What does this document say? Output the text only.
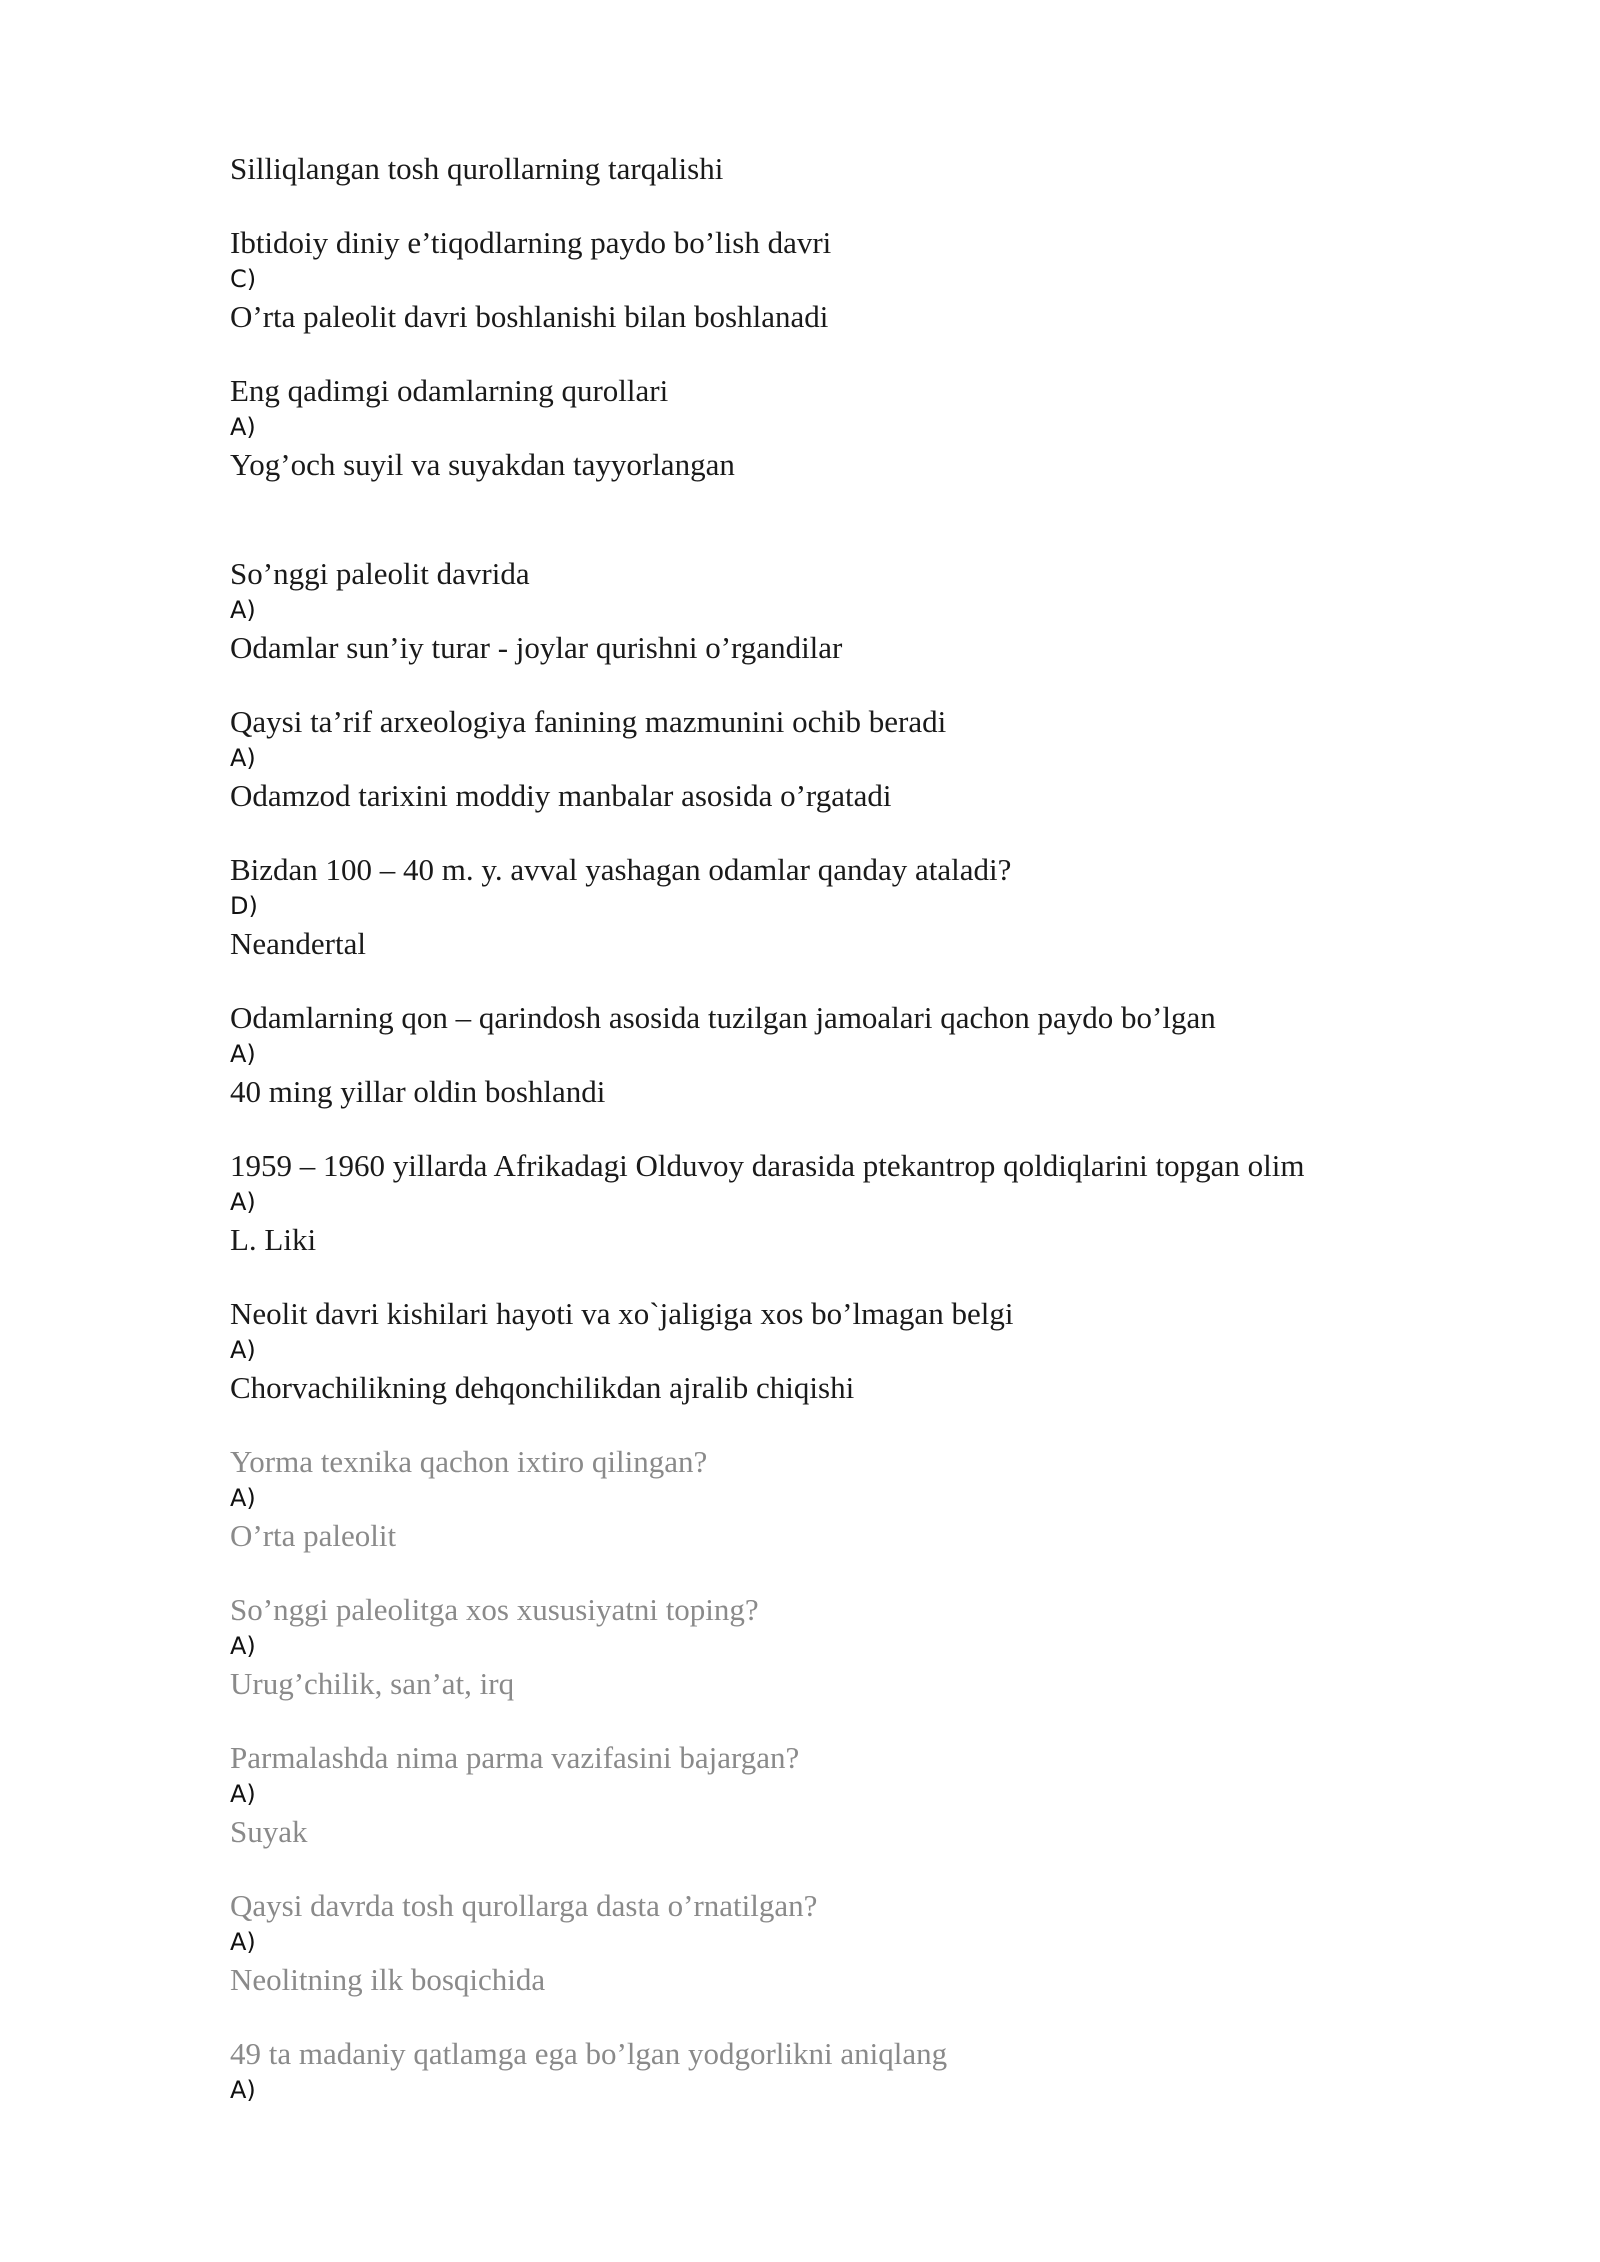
Silliqlangan tosh qurollarning tarqalishi
Ibtidoiy diniy e’tiqodlarning paydo bo’lish davri
C)
O’rta paleolit davri boshlanishi bilan boshlanadi
Eng qadimgi odamlarning qurollari
A)
Yog’och suyil va suyakdan tayyorlangan
So’nggi paleolit davrida
A)
Odamlar sun’iy turar - joylar qurishni o’rgandilar
Qaysi ta’rif arxeologiya fanining mazmunini ochib beradi
A)
Odamzod tarixini moddiy manbalar asosida o’rgatadi
Bizdan 100 – 40 m. y. avval yashagan odamlar qanday ataladi?
D)
Neandertal
Odamlarning qon – qarindosh asosida tuzilgan jamoalari qachon paydo bo’lgan
A)
40 ming yillar oldin boshlandi
1959 – 1960 yillarda Afrikadagi Olduvoy darasida ptekantrop qoldiqlarini topgan olim
A)
L. Liki
Neolit davri kishilari hayoti va xo`jaligiga xos bo’lmagan belgi
A)
Chorvachilikning dehqonchilikdan ajralib chiqishi
Yorma texnika qachon ixtiro qilingan?
A)
O’rta paleolit
So’nggi paleolitga xos xususiyatni toping?
A)
Urug’chilik, san’at, irq
Parmalashda nima parma vazifasini bajargan?
A)
Suyak
Qaysi davrda tosh qurollarga dasta o’rnatilgan?
A)
Neolitning ilk bosqichida
49 ta madaniy qatlamga ega bo’lgan yodgorlikni aniqlang
A)
